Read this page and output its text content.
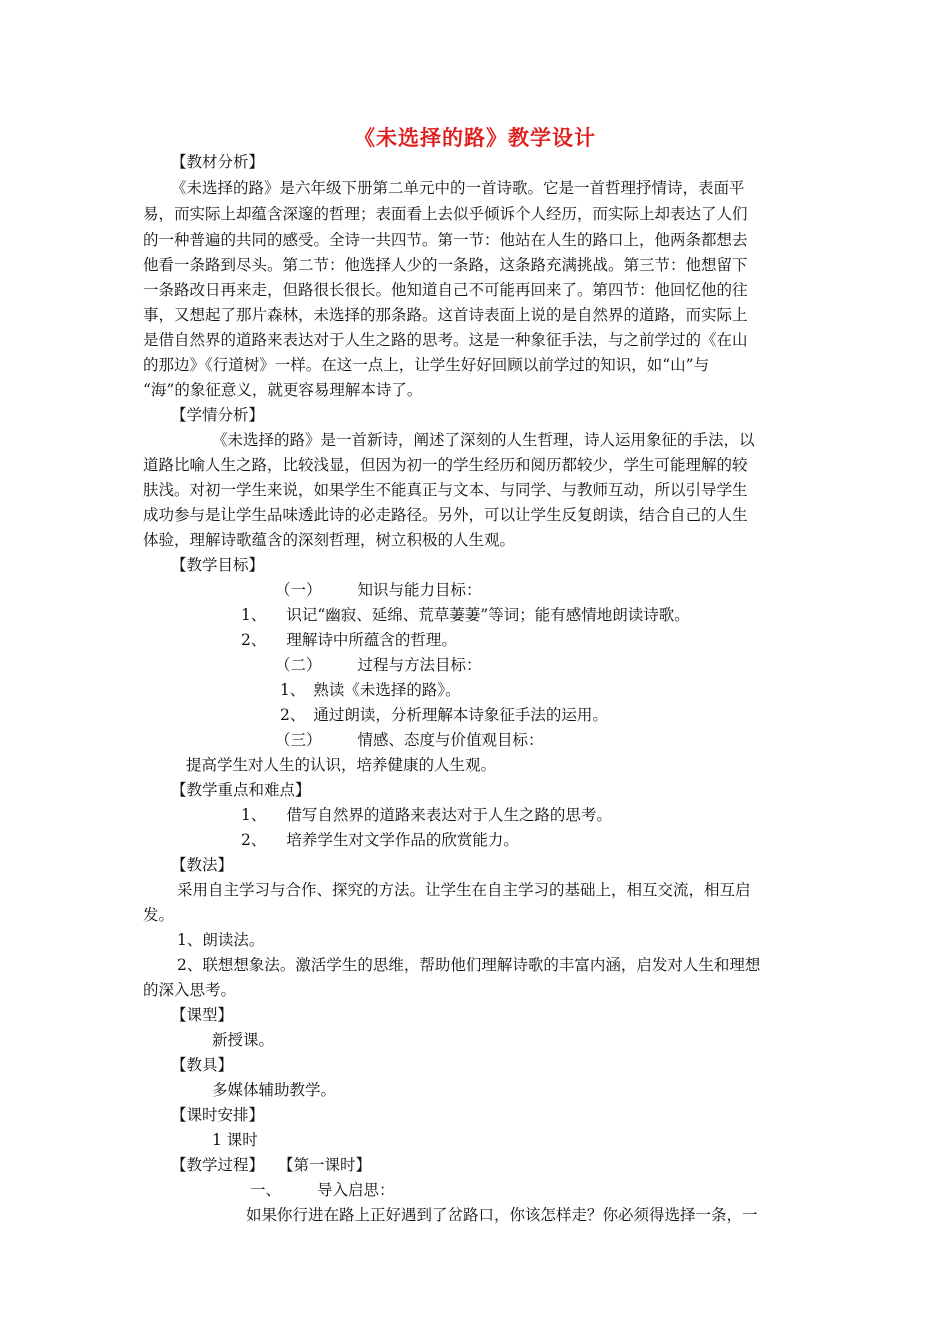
《未选择的路》教学设计
【教材分析】
《未选择的路》是六年级下册第二单元中的一首诗歌。它是一首哲理抒情诗，表面平
易，而实际上却蕴含深邃的哲理；表面看上去似乎倾诉个人经历，而实际上却表达了人们
的一种普遍的共同的感受。全诗一共四节。第一节：他站在人生的路口上，他两条都想去
他看一条路到尽头。第二节：他选择人少的一条路，这条路充满挑战。第三节：他想留下
一条路改日再来走，但路很长很长。他知道自己不可能再回来了。第四节：他回忆他的往
事，又想起了那片森林，未选择的那条路。这首诗表面上说的是自然界的道路，而实际上
是借自然界的道路来表达对于人生之路的思考。这是一种象征手法，与之前学过的《在山
的那边》《行道树》一样。在这一点上，让学生好好回顾以前学过的知识，如“山”与
“海”的象征意义，就更容易理解本诗了。
【学情分析】
《未选择的路》是一首新诗，阐述了深刻的人生哲理，诗人运用象征的手法，以
道路比喻人生之路，比较浅显，但因为初一的学生经历和阅历都较少，学生可能理解的较
肤浅。对初一学生来说，如果学生不能真正与文本、与同学、与教师互动，所以引导学生
成功参与是让学生品味透此诗的必走路径。另外，可以让学生反复朗读，结合自己的人生
体验，理解诗歌蕴含的深刻哲理，树立积极的人生观。
【教学目标】
（一） 知识与能力目标：
1、 识记“幽寂、延绵、荒草萋萋”等词；能有感情地朗读诗歌。
2、 理解诗中所蕴含的哲理。
（二） 过程与方法目标：
1、 熟读《未选择的路》。
2、 通过朗读，分析理解本诗象征手法的运用。
（三） 情感、态度与价值观目标：
提高学生对人生的认识，培养健康的人生观。
【教学重点和难点】
1、 借写自然界的道路来表达对于人生之路的思考。
2、 培养学生对文学作品的欣赏能力。
【教法】
采用自主学习与合作、探究的方法。让学生在自主学习的基础上，相互交流，相互启
发。
1、朗读法。
2、联想想象法。激活学生的思维，帮助他们理解诗歌的丰富内涵，启发对人生和理想
的深入思考。
【课型】
新授课。
【教具】
多媒体辅助教学。
【课时安排】
1 课时
【教学过程】 【第一课时】
一、 导入启思：
如果你行进在路上正好遇到了岔路口，你该怎样走？你必须得选择一条，一
